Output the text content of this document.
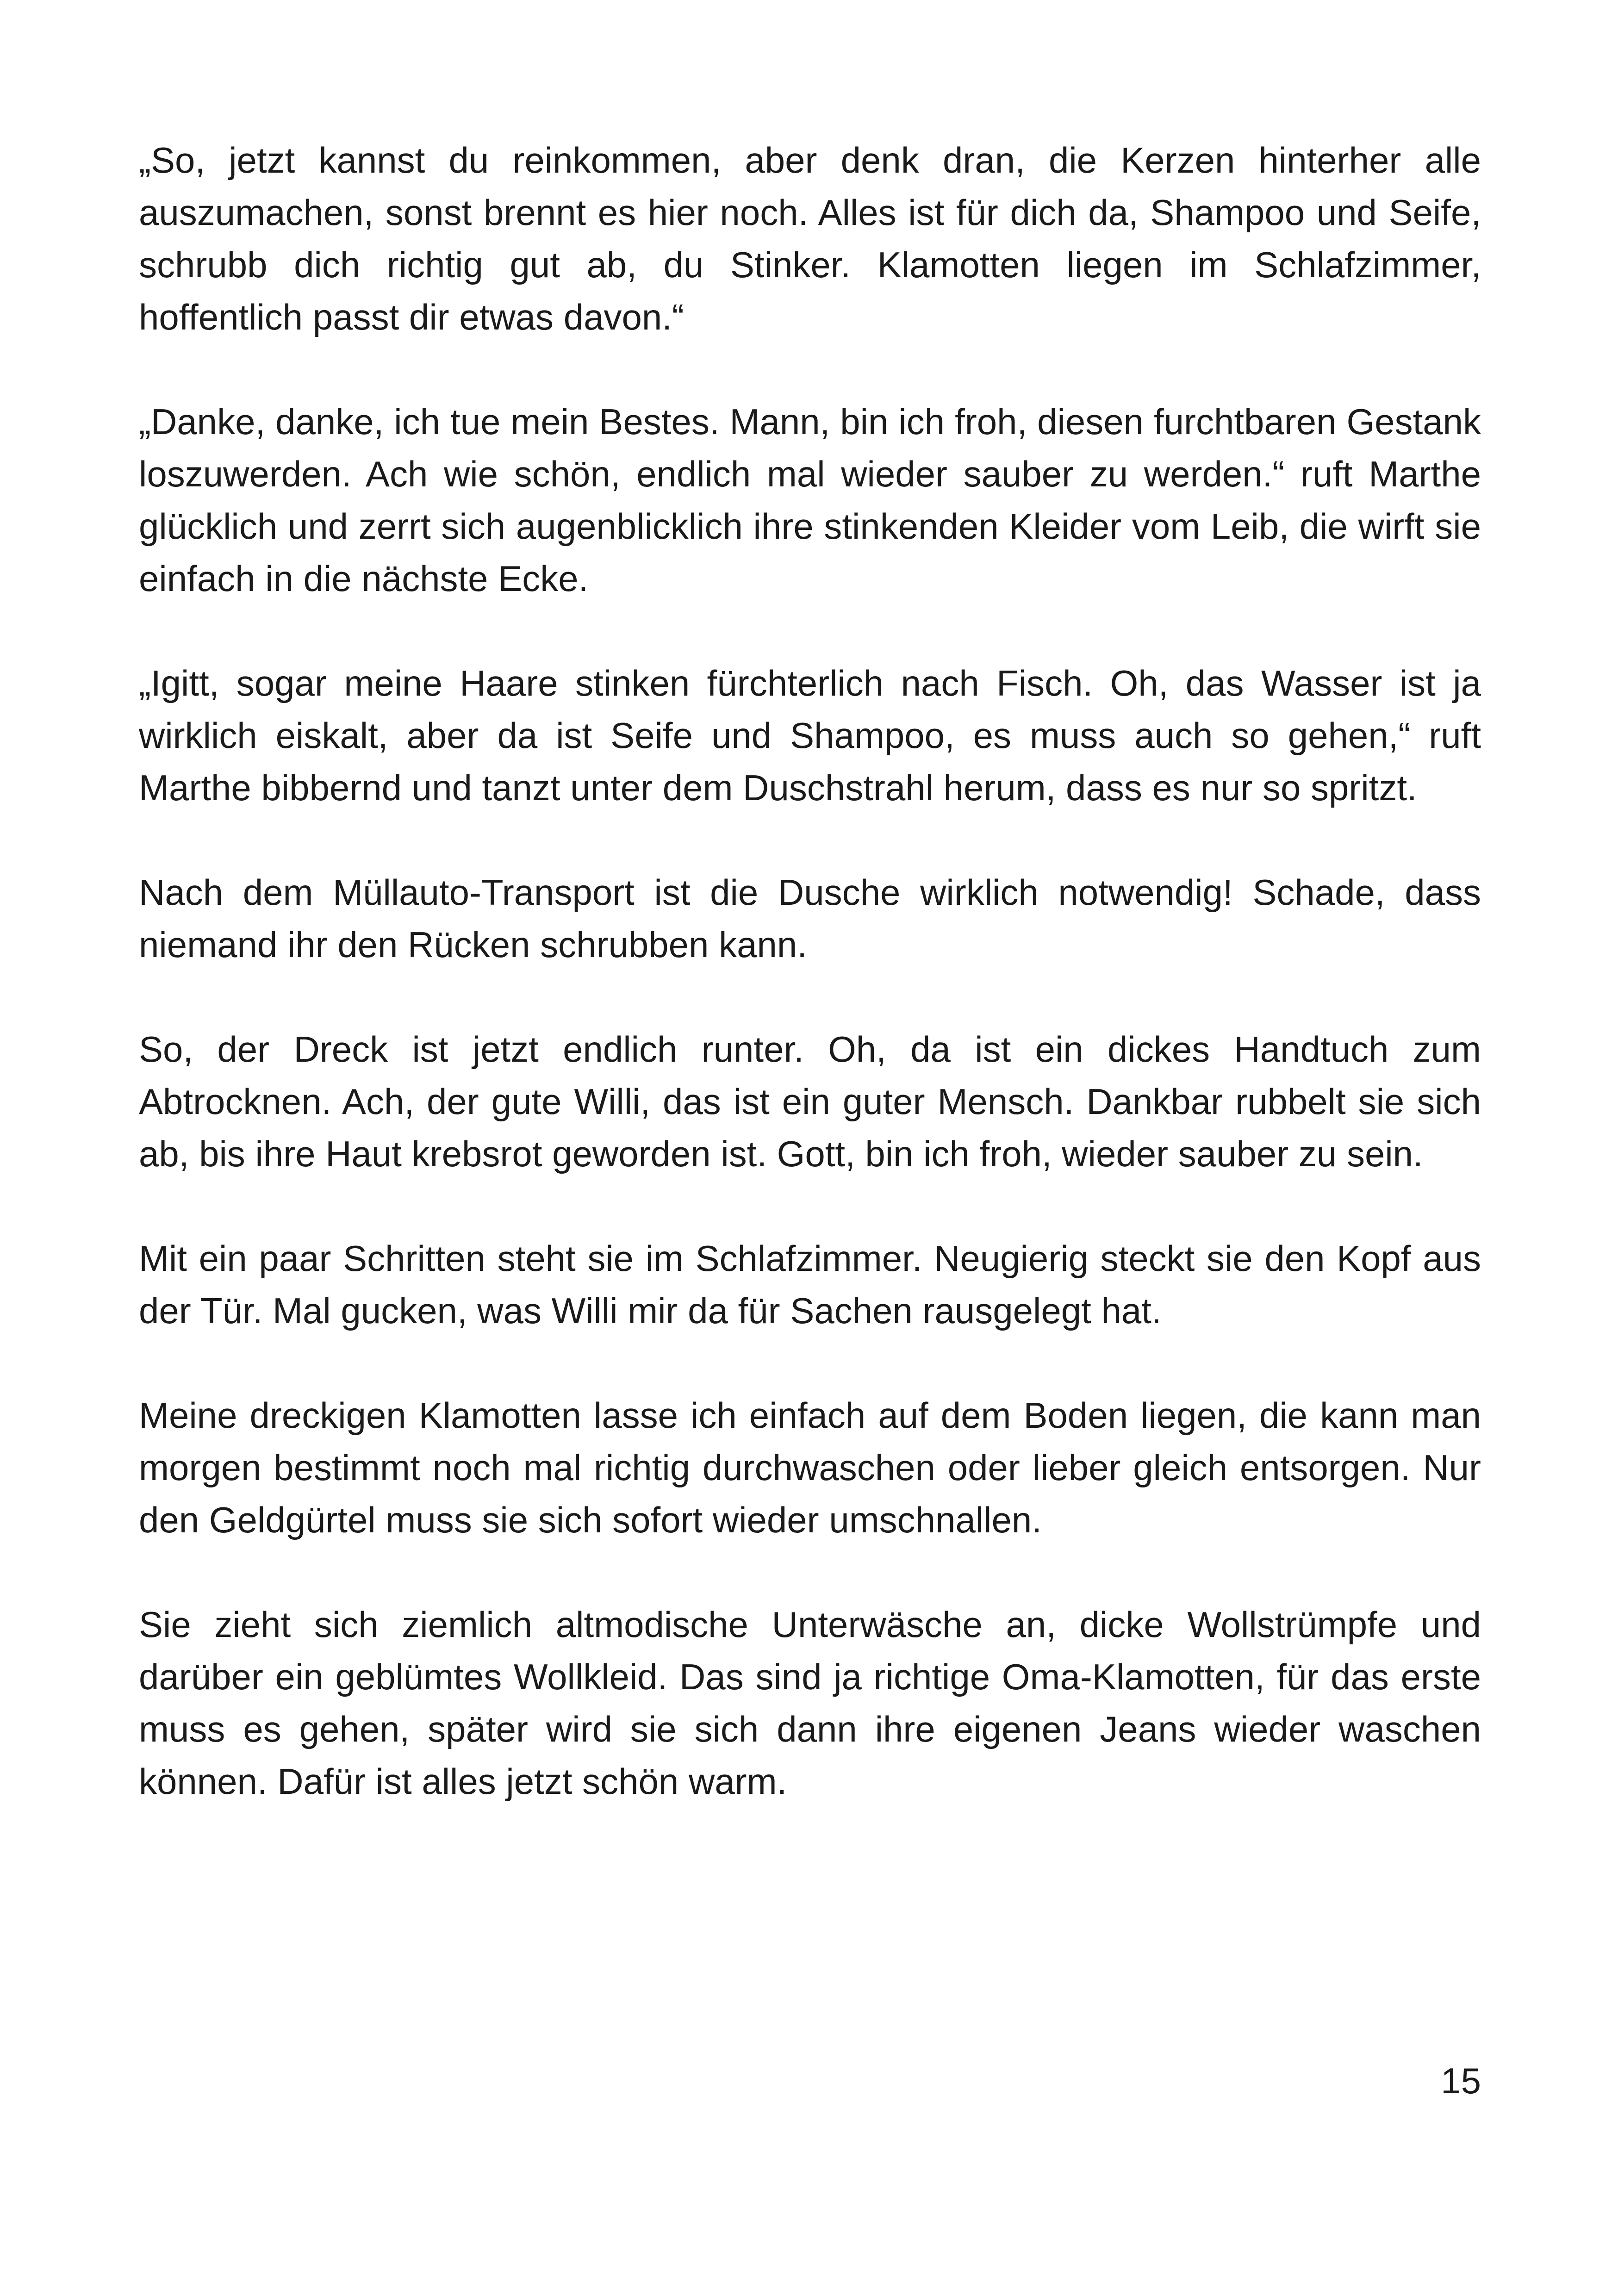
„So, jetzt kannst du reinkommen, aber denk dran, die Kerzen hinterher alle auszumachen, sonst brennt es hier noch. Alles ist für dich da, Shampoo und Seife, schrubb dich richtig gut ab, du Stinker. Klamotten liegen im Schlafzimmer, hoffentlich passt dir etwas davon.“

„Danke, danke, ich tue mein Bestes. Mann, bin ich froh, diesen furchtbaren Gestank loszuwerden. Ach wie schön, endlich mal wieder sauber zu werden.“ ruft Marthe glücklich und zerrt sich augenblicklich ihre stinkenden Kleider vom Leib, die wirft sie einfach in die nächste Ecke.

„Igitt, sogar meine Haare stinken fürchterlich nach Fisch. Oh, das Wasser ist ja wirklich eiskalt, aber da ist Seife und Shampoo, es muss auch so gehen,“ ruft Marthe bibbernd und tanzt unter dem Duschstrahl herum, dass es nur so spritzt.

Nach dem Müllauto-Transport ist die Dusche wirklich notwendig! Schade, dass niemand ihr den Rücken schrubben kann.

So, der Dreck ist jetzt endlich runter. Oh, da ist ein dickes Handtuch zum Abtrocknen. Ach, der gute Willi, das ist ein guter Mensch. Dankbar rubbelt sie sich ab, bis ihre Haut krebsrot geworden ist. Gott, bin ich froh, wieder sauber zu sein.

Mit ein paar Schritten steht sie im Schlafzimmer. Neugierig steckt sie den Kopf aus der Tür. Mal gucken, was Willi mir da für Sachen rausgelegt hat.

Meine dreckigen Klamotten lasse ich einfach auf dem Boden liegen, die kann man morgen bestimmt noch mal richtig durchwaschen oder lieber gleich entsorgen. Nur den Geldgürtel muss sie sich sofort wieder umschnallen.

Sie zieht sich ziemlich altmodische Unterwäsche an, dicke Wollstrümpfe und darüber ein geblümtes Wollkleid. Das sind ja richtige Oma-Klamotten, für das erste muss es gehen, später wird sie sich dann ihre eigenen Jeans wieder waschen können. Dafür ist alles jetzt schön warm.

15
